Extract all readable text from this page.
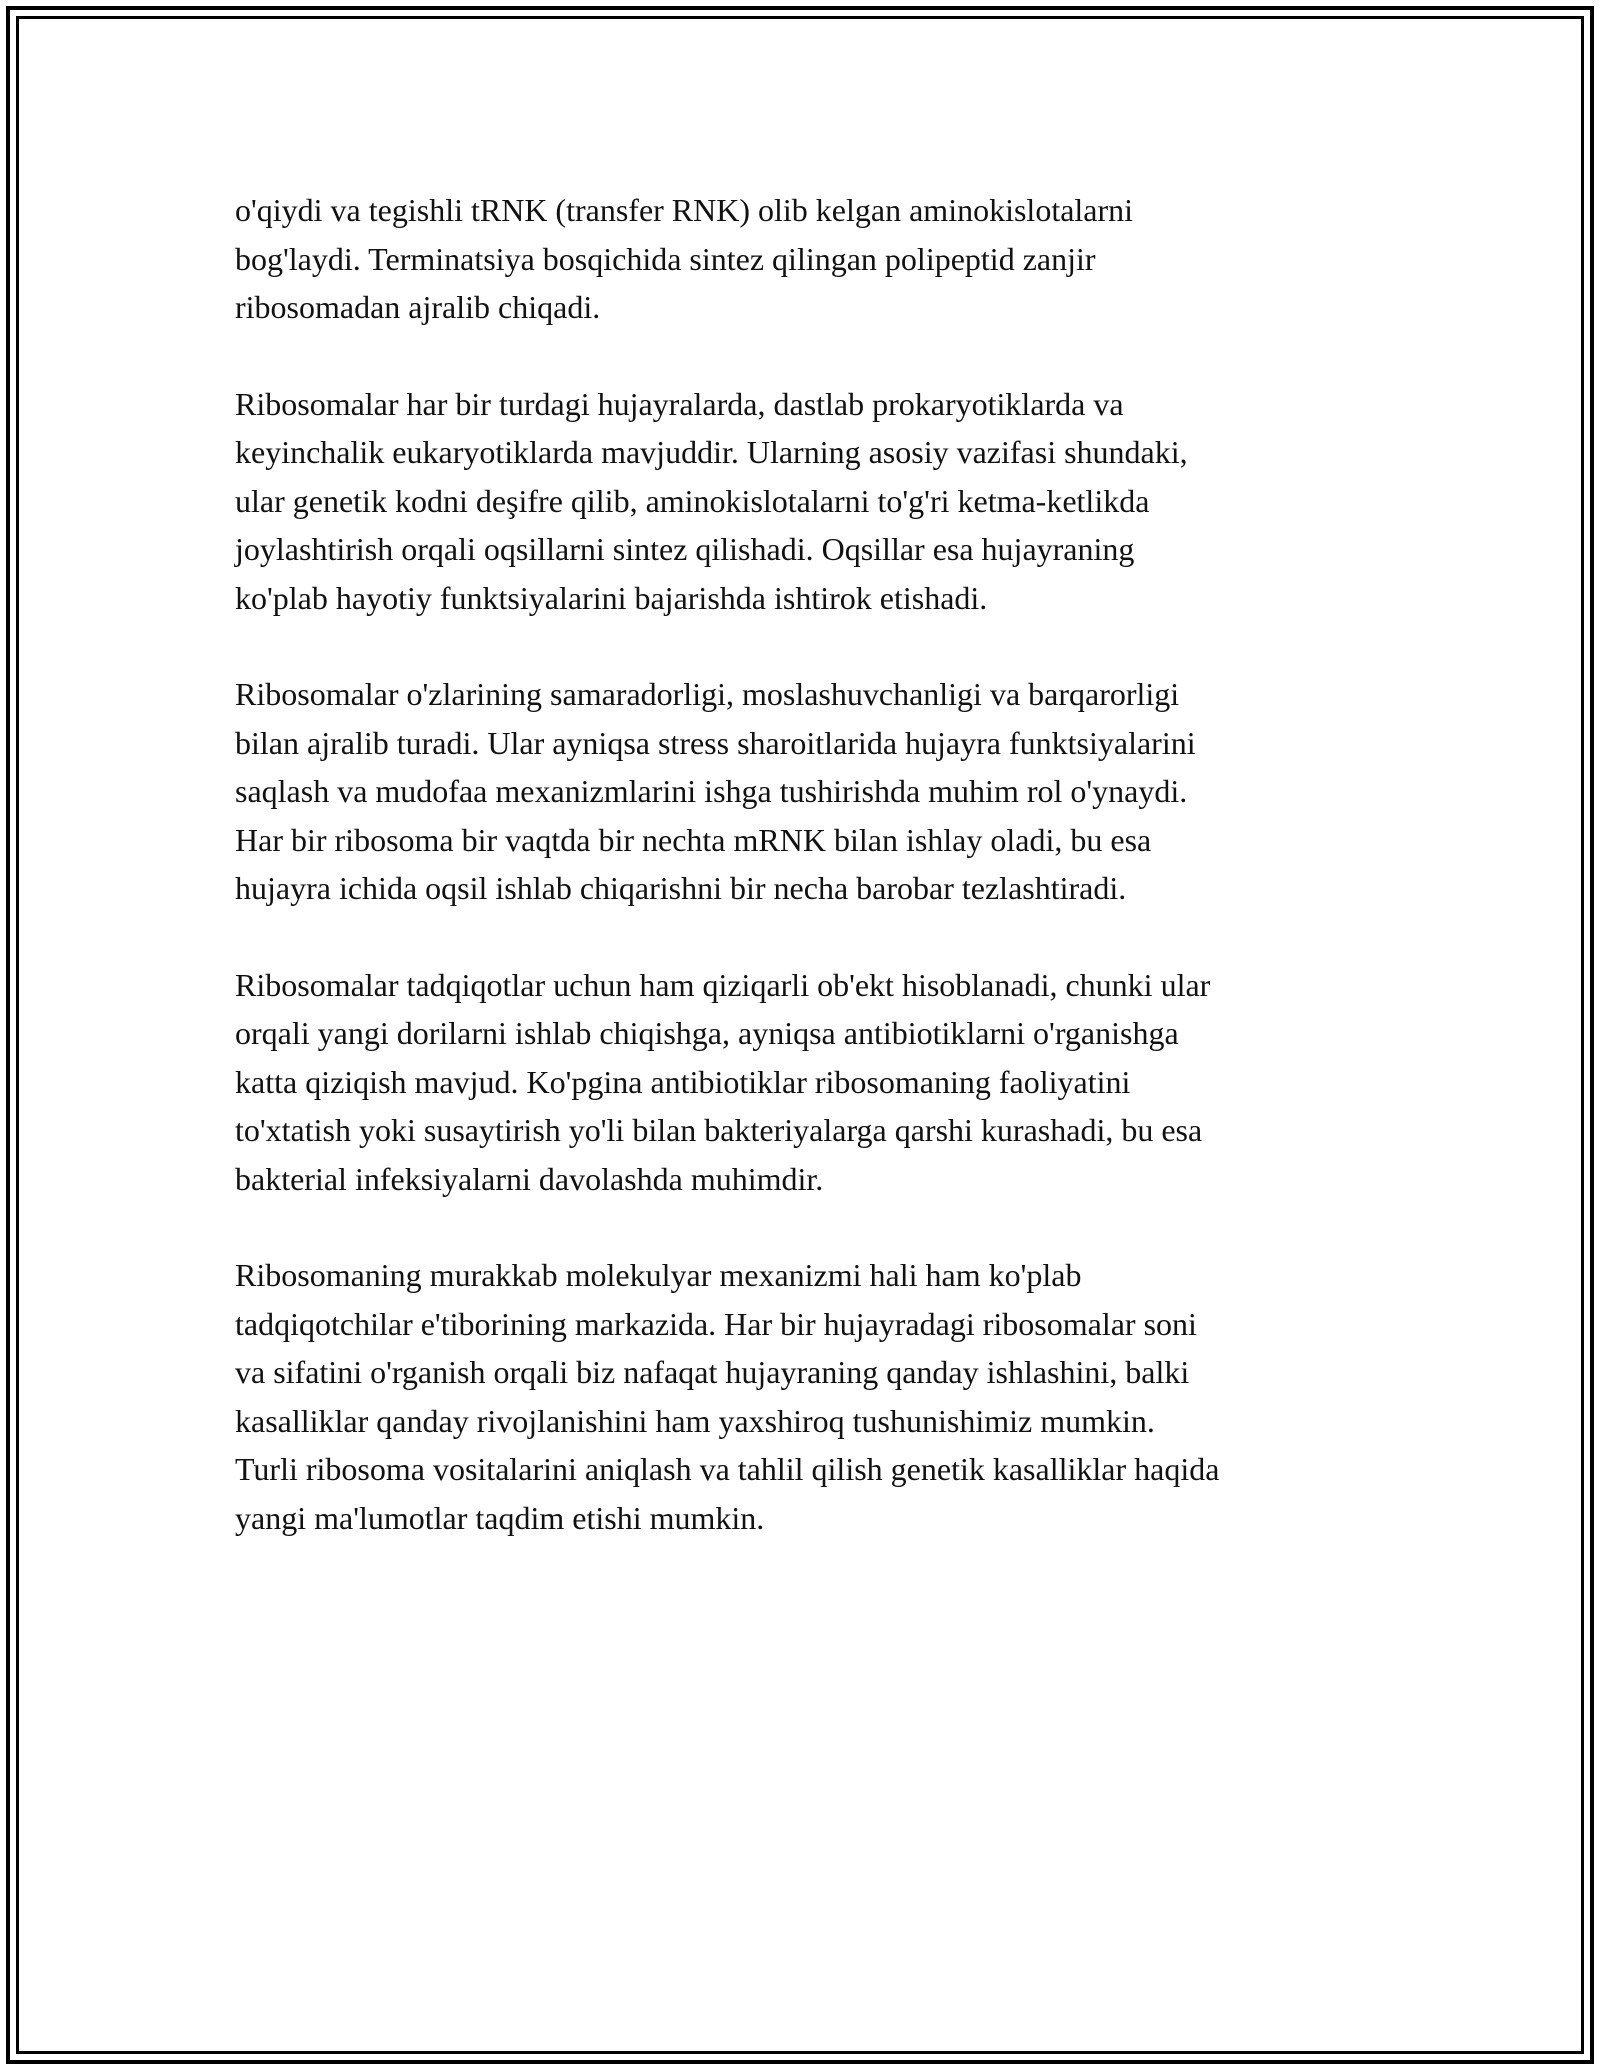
o'qiydi va tegishli tRNK (transfer RNK) olib kelgan aminokislotalarni
bog'laydi. Terminatsiya bosqichida sintez qilingan polipeptid zanjir
ribosomadan ajralib chiqadi.

Ribosomalar har bir turdagi hujayralarda, dastlab prokaryotiklarda va
keyinchalik eukaryotiklarda mavjuddir. Ularning asosiy vazifasi shundaki,
ular genetik kodni deşifre qilib, aminokislotalarni to'g'ri ketma-ketlikda
joylashtirish orqali oqsillarni sintez qilishadi. Oqsillar esa hujayraning
ko'plab hayotiy funktsiyalarini bajarishda ishtirok etishadi.

Ribosomalar o'zlarining samaradorligi, moslashuvchanligi va barqarorligi
bilan ajralib turadi. Ular ayniqsa stress sharoitlarida hujayra funktsiyalarini
saqlash va mudofaa mexanizmlarini ishga tushirishda muhim rol o'ynaydi.
Har bir ribosoma bir vaqtda bir nechta mRNK bilan ishlay oladi, bu esa
hujayra ichida oqsil ishlab chiqarishni bir necha barobar tezlashtiradi.

Ribosomalar tadqiqotlar uchun ham qiziqarli ob'ekt hisoblanadi, chunki ular
orqali yangi dorilarni ishlab chiqishga, ayniqsa antibiotiklarni o'rganishga
katta qiziqish mavjud. Ko'pgina antibiotiklar ribosomaning faoliyatini
to'xtatish yoki susaytirish yo'li bilan bakteriyalarga qarshi kurashadi, bu esa
bakterial infeksiyalarni davolashda muhimdir.

Ribosomaning murakkab molekulyar mexanizmi hali ham ko'plab
tadqiqotchilar e'tiborining markazida. Har bir hujayradagi ribosomalar soni
va sifatini o'rganish orqali biz nafaqat hujayraning qanday ishlashini, balki
kasalliklar qanday rivojlanishini ham yaxshiroq tushunishimiz mumkin.
Turli ribosoma vositalarini aniqlash va tahlil qilish genetik kasalliklar haqida
yangi ma'lumotlar taqdim etishi mumkin.
